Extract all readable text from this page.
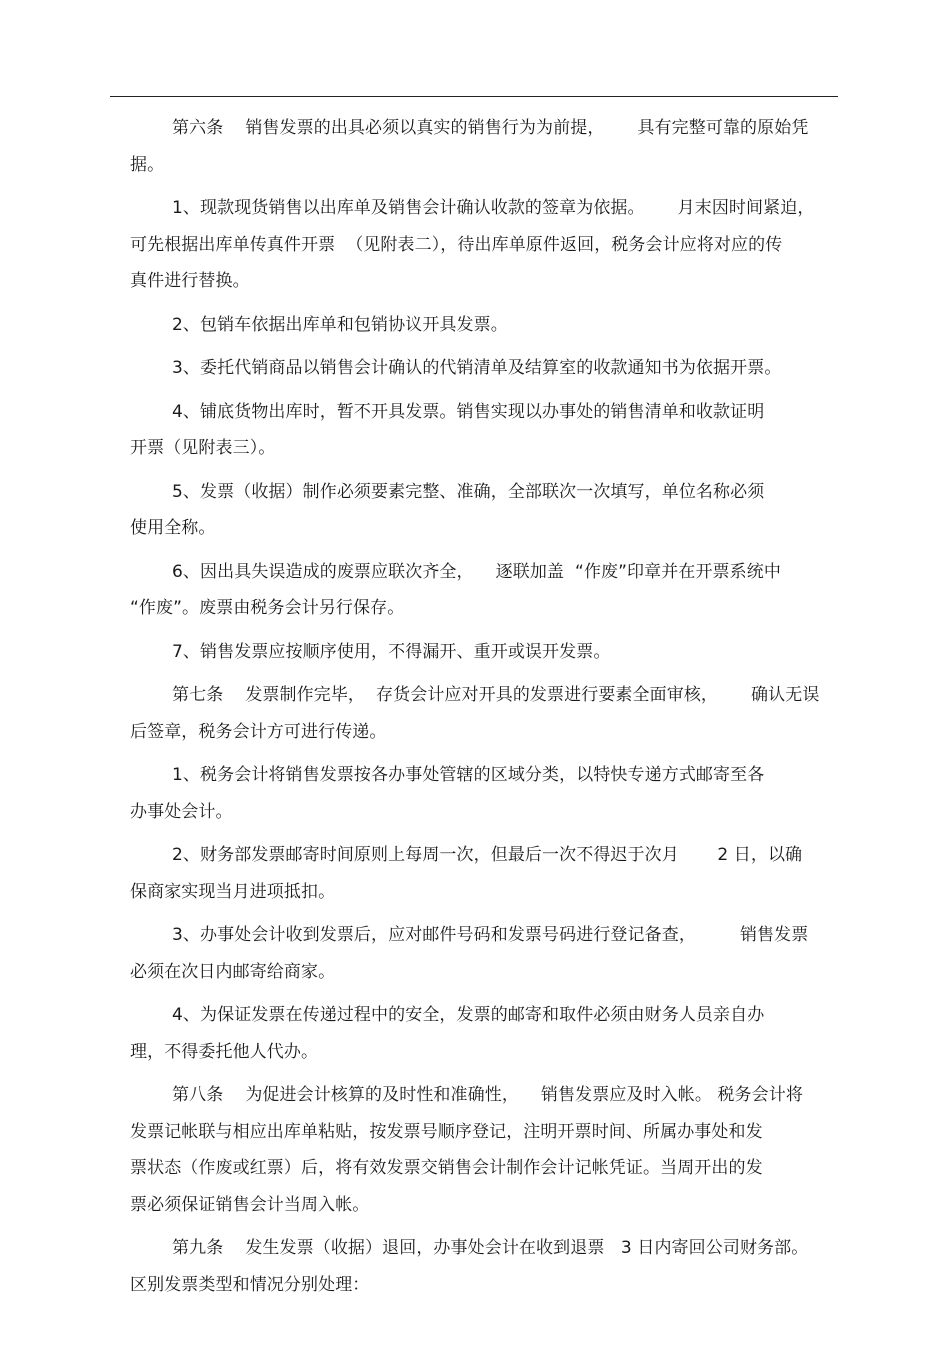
第六条    销售发票的出具必须以真实的销售行为为前提，      具有完整可靠的原始凭
据。
1、现款现货销售以出库单及销售会计确认收款的签章为依据。      月末因时间紧迫，
可先根据出库单传真件开票  （见附表二），待出库单原件返回，税务会计应将对应的传
真件进行替换。
2、包销车依据出库单和包销协议开具发票。
3、委托代销商品以销售会计确认的代销清单及结算室的收款通知书为依据开票。
4、铺底货物出库时，暂不开具发票。销售实现以办事处的销售清单和收款证明
开票（见附表三）。
5、发票（收据）制作必须要素完整、准确，全部联次一次填写，单位名称必须
使用全称。
6、因出具失误造成的废票应联次齐全，    逐联加盖  “作废”印章并在开票系统中
“作废”。废票由税务会计另行保存。
7、销售发票应按顺序使用，不得漏开、重开或误开发票。
第七条    发票制作完毕，  存货会计应对开具的发票进行要素全面审核，      确认无误
后签章，税务会计方可进行传递。
1、税务会计将销售发票按各办事处管辖的区域分类，以特快专递方式邮寄至各
办事处会计。
2、财务部发票邮寄时间原则上每周一次，但最后一次不得迟于次月       2 日，以确
保商家实现当月进项抵扣。
3、办事处会计收到发票后，应对邮件号码和发票号码进行登记备查，        销售发票
必须在次日内邮寄给商家。
4、为保证发票在传递过程中的安全，发票的邮寄和取件必须由财务人员亲自办
理，不得委托他人代办。
第八条    为促进会计核算的及时性和准确性，    销售发票应及时入帐。 税务会计将
发票记帐联与相应出库单粘贴，按发票号顺序登记，注明开票时间、所属办事处和发
票状态（作废或红票）后，将有效发票交销售会计制作会计记帐凭证。当周开出的发
票必须保证销售会计当周入帐。
第九条    发生发票（收据）退回，办事处会计在收到退票   3 日内寄回公司财务部。
区别发票类型和情况分别处理：
